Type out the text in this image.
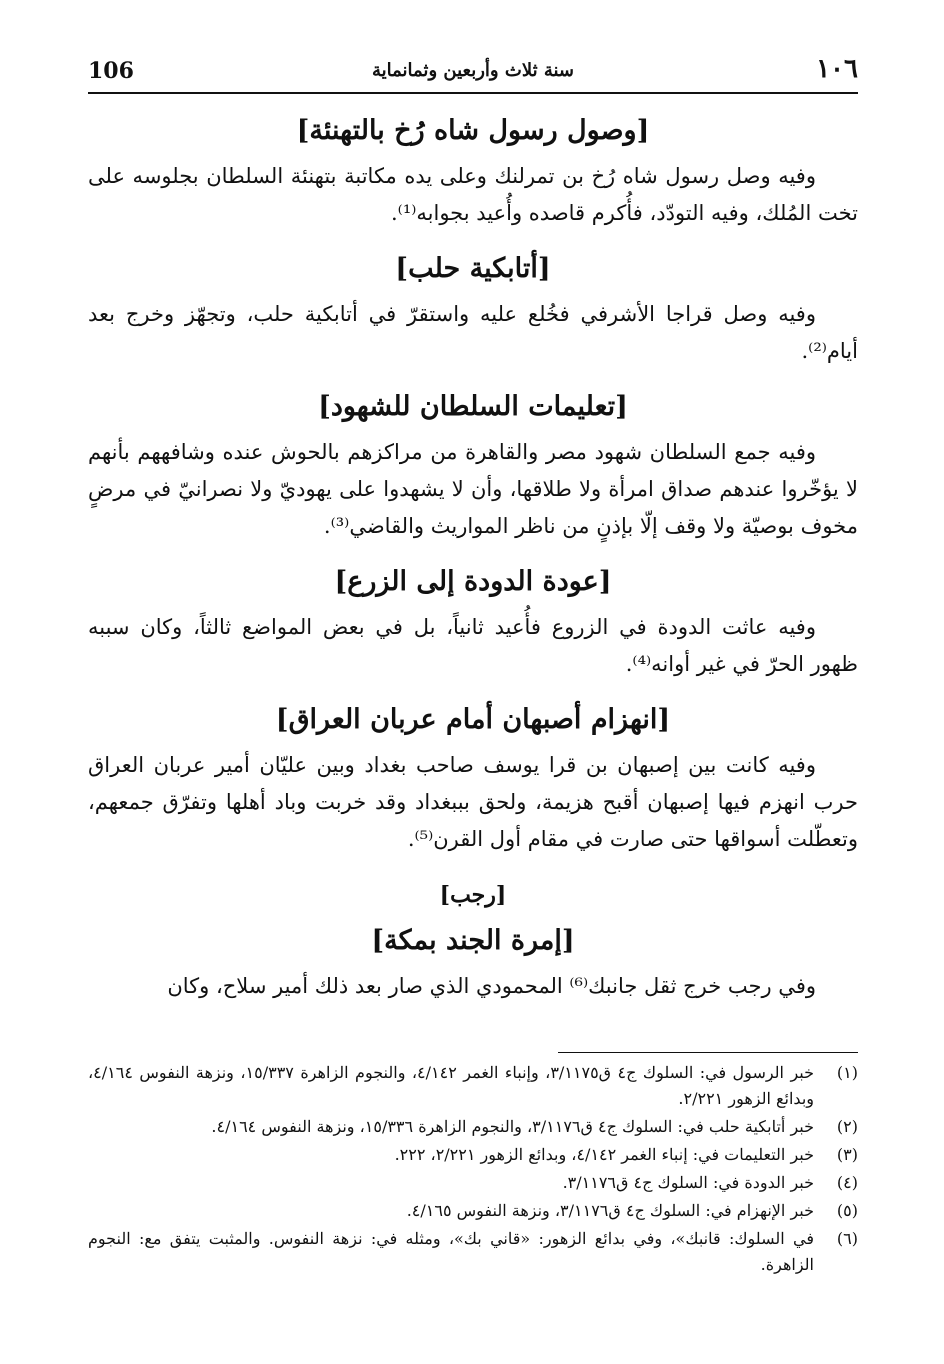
106	سنة ثلاث وأربعين وثمانماية	١٠٦
[وصول رسول شاه رُخ بالتهنئة]

وفيه وصل رسول شاه رُخ بن تمرلنك وعلى يده مكاتبة بتهنئة السلطان بجلوسه على تخت المُلك، وفيه التودّد، فأُكرم قاصده وأُعيد بجوابه⁽¹⁾.

[أتابكية حلب]

وفيه وصل قراجا الأشرفي فخُلع عليه واستقرّ في أتابكية حلب، وتجهّز وخرج بعد أيام⁽²⁾.

[تعليمات السلطان للشهود]

وفيه جمع السلطان شهود مصر والقاهرة من مراكزهم بالحوش عنده وشافههم بأنهم لا يؤخّروا عندهم صداق امرأة ولا طلاقها، وأن لا يشهدوا على يهوديّ ولا نصرانيّ في مرضٍ مخوف بوصيّة ولا وقف إلّا بإذنٍ من ناظر المواريث والقاضي⁽³⁾.

[عودة الدودة إلى الزرع]

وفيه عاثت الدودة في الزروع فأُعيد ثانياً، بل في بعض المواضع ثالثاً، وكان سببه ظهور الحرّ في غير أوانه⁽⁴⁾.

[انهزام أصبهان أمام عربان العراق]

وفيه كانت بين إصبهان بن قرا يوسف صاحب بغداد وبين عليّان أمير عربان العراق حرب انهزم فيها إصبهان أقبح هزيمة، ولحق بببغداد وقد خربت وباد أهلها وتفرّق جمعهم، وتعطّلت أسواقها حتى صارت في مقام أول القرن⁽⁵⁾.

[رجب]
[إمرة الجند بمكة]

وفي رجب خرج ثقل جانبك⁽⁶⁾ المحمودي الذي صار بعد ذلك أمير سلاح، وكان

(١)
خبر الرسول في: السلوك ج٤ ق٣/١١٧٥، وإنباء الغمر ٤/١٤٢، والنجوم الزاهرة ١٥/٣٣٧، ونزهة النفوس ٤/١٦٤، وبدائع الزهور ٢/٢٢١.
(٢)
خبر أتابكية حلب في: السلوك ج٤ ق٣/١١٧٦، والنجوم الزاهرة ١٥/٣٣٦، ونزهة النفوس ٤/١٦٤.
(٣)
خبر التعليمات في: إنباء الغمر ٤/١٤٢، وبدائع الزهور ٢/٢٢١، ٢٢٢.
(٤)
خبر الدودة في: السلوك ج٤ ق٣/١١٧٦.
(٥)
خبر الإنهزام في: السلوك ج٤ ق٣/١١٧٦، ونزهة النفوس ٤/١٦٥.
(٦)
في السلوك: قانبك»، وفي بدائع الزهور: «قاني بك»، ومثله في: نزهة النفوس. والمثبت يتفق مع: النجوم الزاهرة.
